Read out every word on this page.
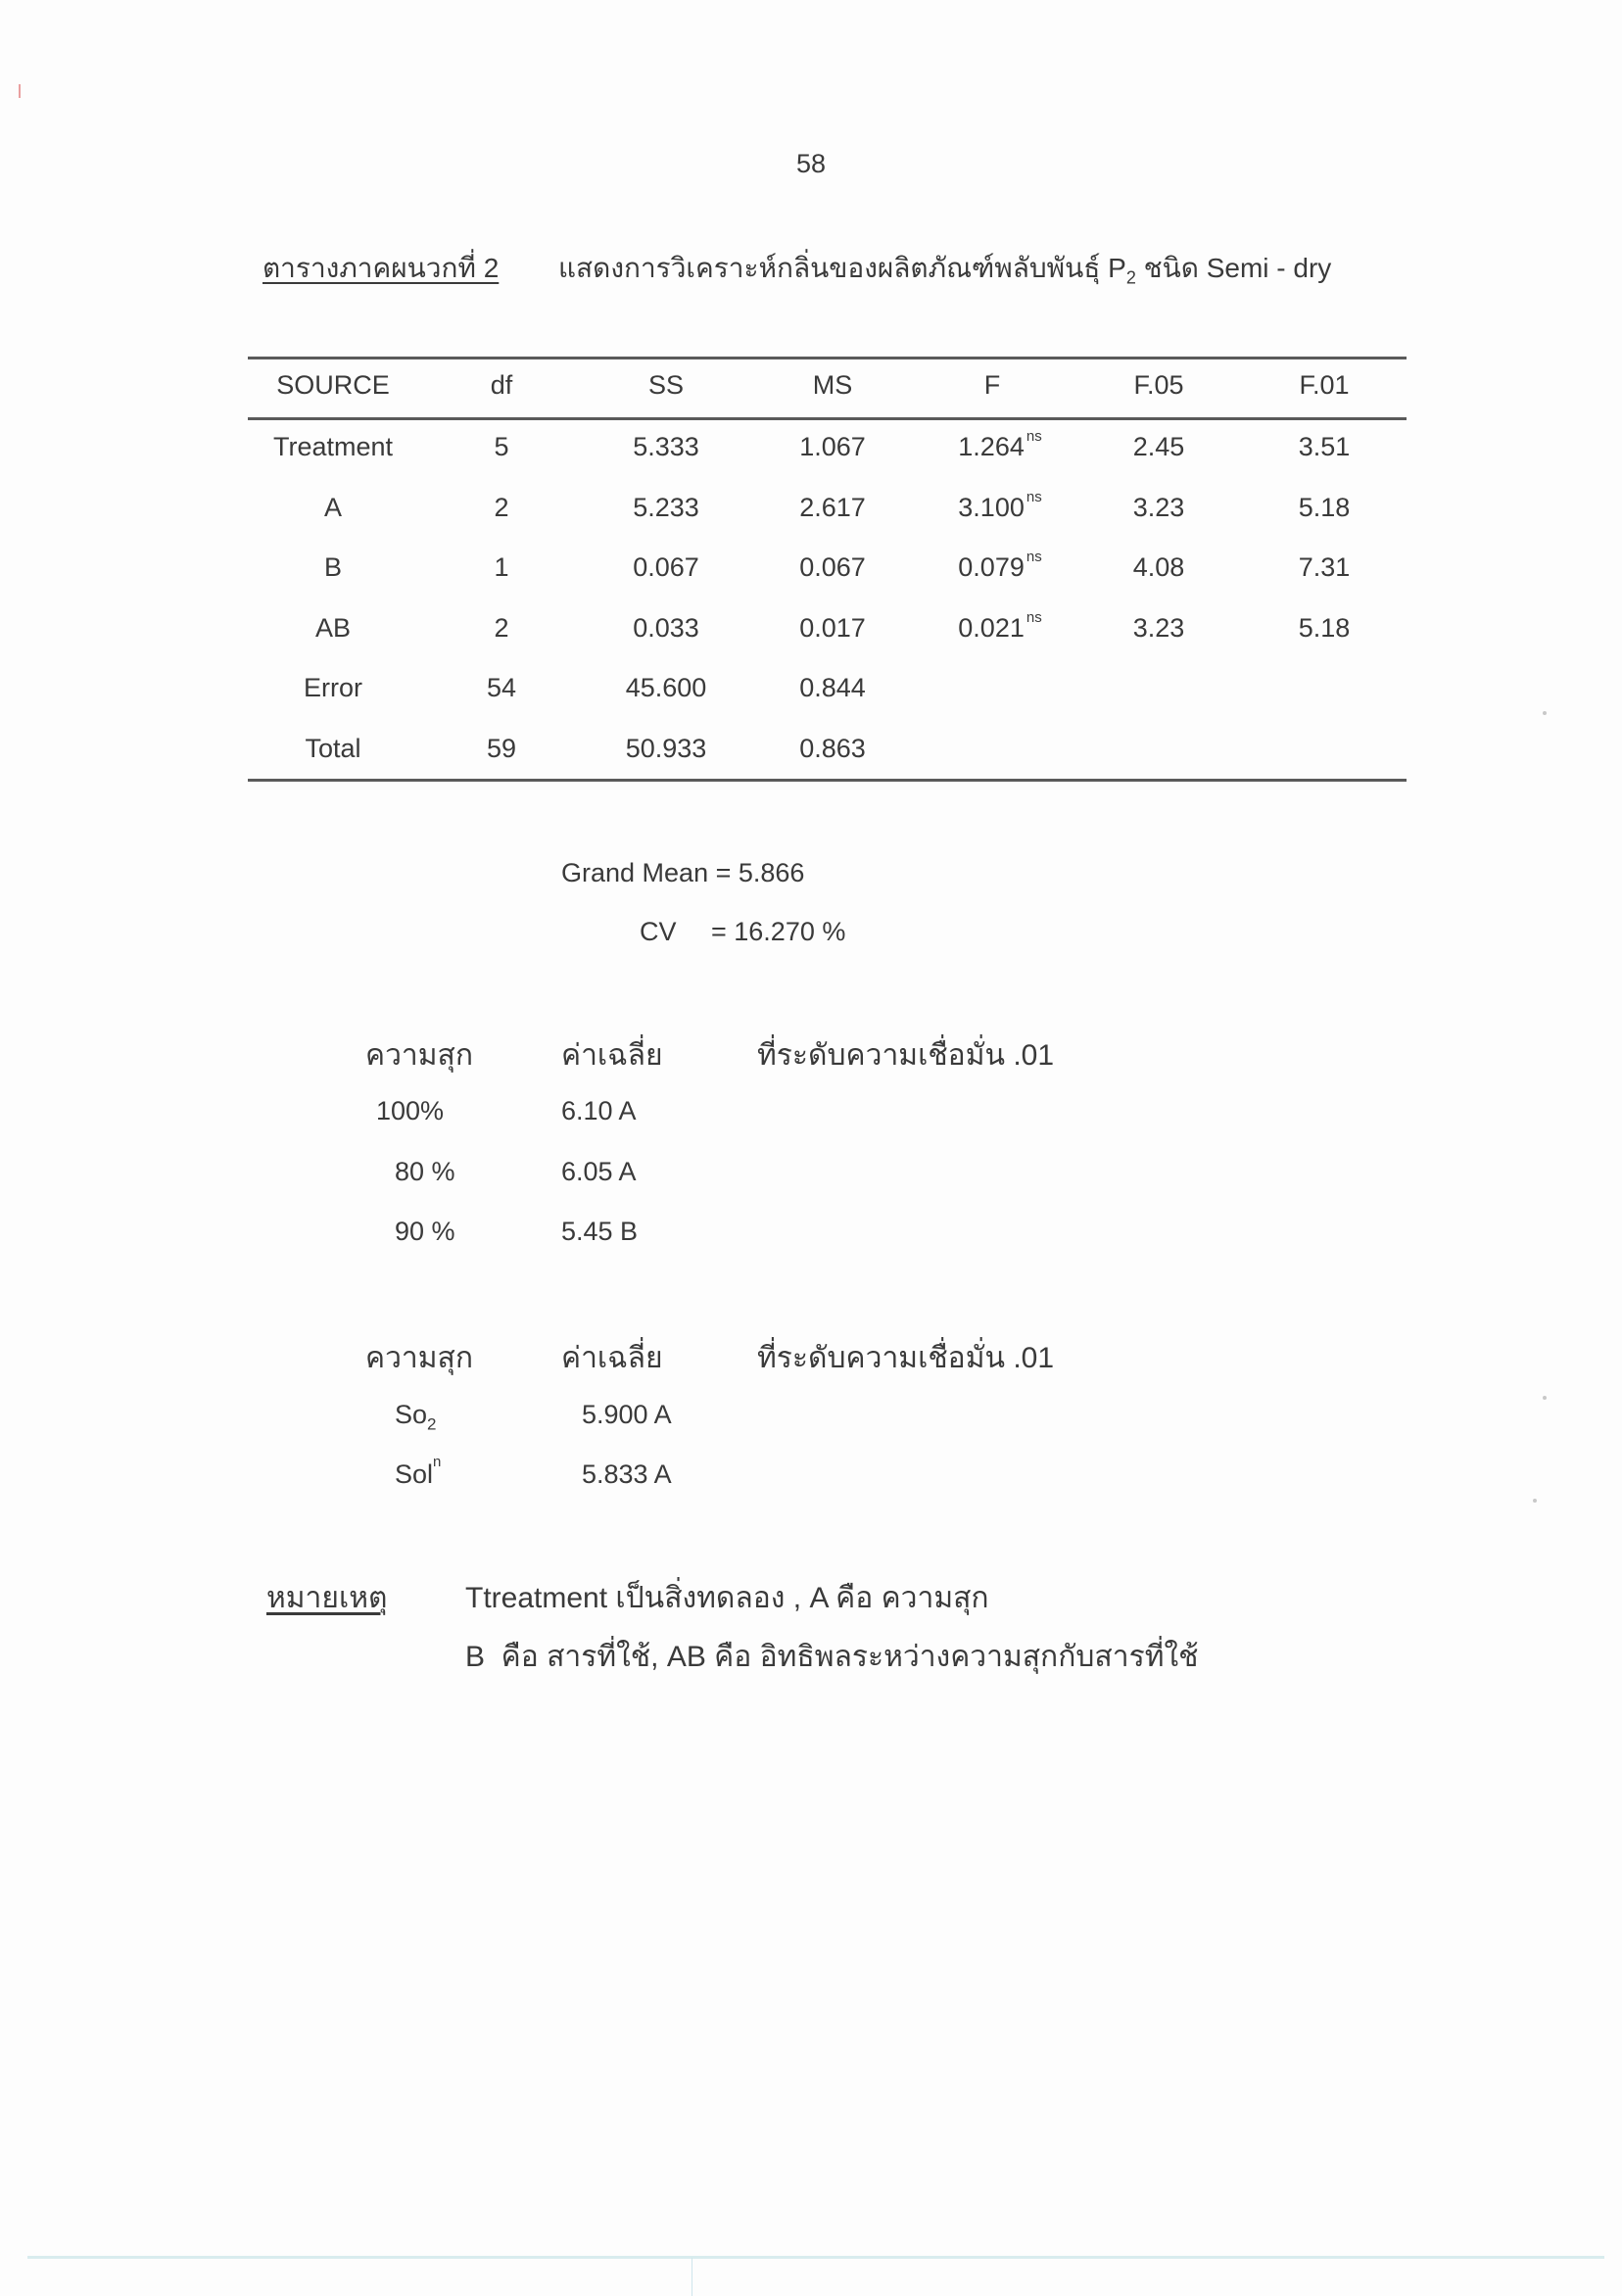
58
ตารางภาคผนวกที่ 2 แสดงการวิเคราะห์กลิ่นของผลิตภัณฑ์พลับพันธุ์ $P_2$ ชนิด Semi - dry
SOURCE	df	SS	MS	F	F.05	F.01
Treatment	5	5.333	1.067	1.264 $^{ns}$	2.45	3.51
A	2	5.233	2.617	3.100 $^{ns}$	3.23	5.18
B	1	0.067	0.067	0.079 $^{ns}$	4.08	7.31
AB	2	0.033	0.017	0.021 $^{ns}$	3.23	5.18
Error	54	45.600	0.844
Total	59	50.933	0.863
Grand Mean = 5.866
CV = 16.270 %
ความสุก	ค่าเฉลี่ย	ที่ระดับความเชื่อมั่น .01
100%	6.10 A
80 %	6.05 A
90 %	5.45 B
ความสุก	ค่าเฉลี่ย	ที่ระดับความเชื่อมั่น .01
$So_2$	5.900 A
Sol$^n$	5.833 A
หมายเหตุ	Ttreatment เป็นสิ่งทดลอง , A คือ ความสุก
B  คือ สารที่ใช้, AB คือ อิทธิพลระหว่างความสุกกับสารที่ใช้
